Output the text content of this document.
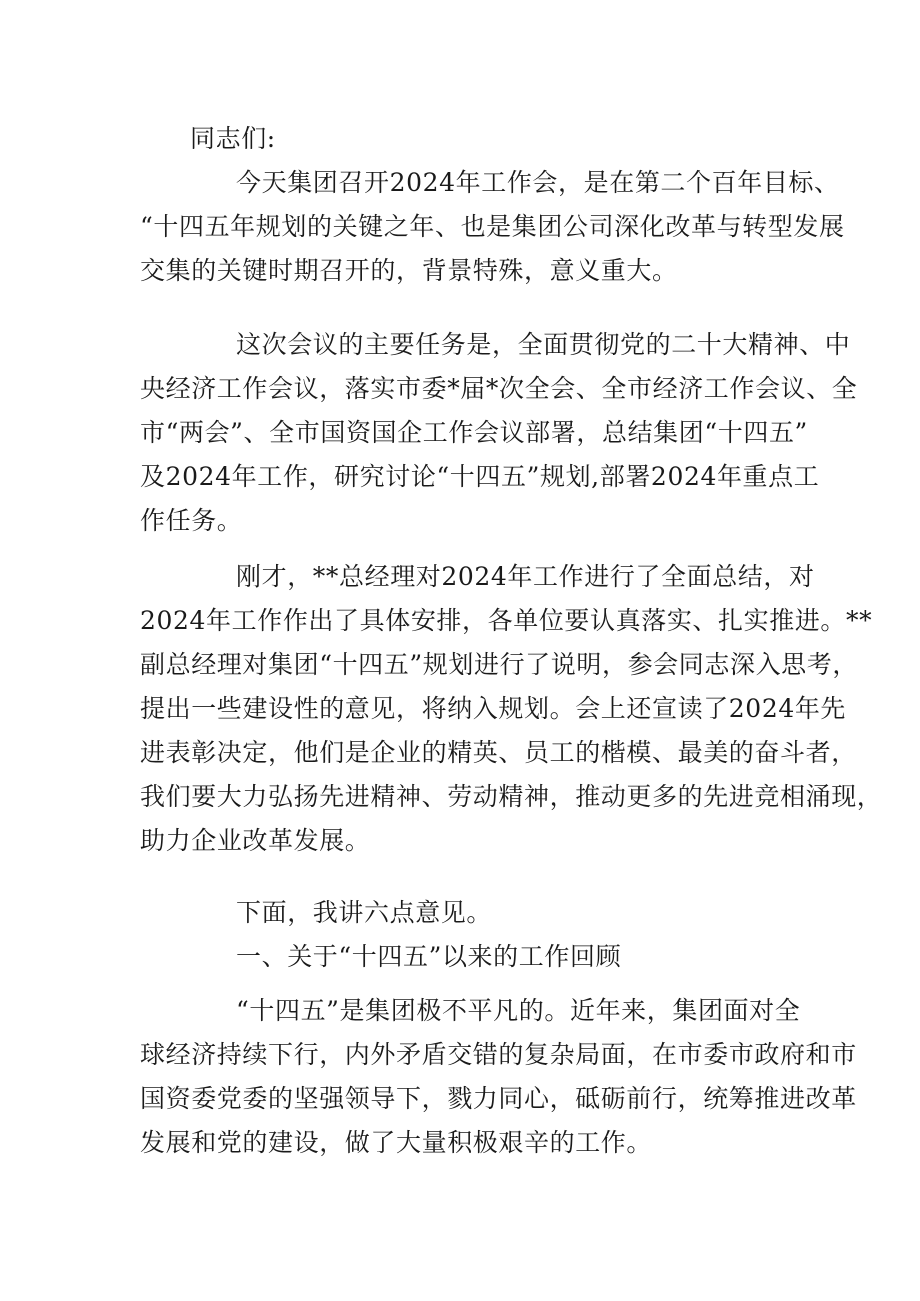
同志们:
今天集团召开2024年工作会，是在第二个百年目标、
“十四五年规划的关键之年、也是集团公司深化改革与转型发展
交集的关键时期召开的，背景特殊，意义重大。
这次会议的主要任务是，全面贯彻党的二十大精神、中
央经济工作会议，落实市委*届*次全会、全市经济工作会议、全
市“两会”、全市国资国企工作会议部署，总结集团“十四五”
及2024年工作，研究讨论“十四五”规划,部署2024年重点工
作任务。
刚才，**总经理对2024年工作进行了全面总结，对
2024年工作作出了具体安排，各单位要认真落实、扎实推进。**
副总经理对集团“十四五”规划进行了说明，参会同志深入思考，
提出一些建设性的意见，将纳入规划。会上还宣读了2024年先
进表彰决定，他们是企业的精英、员工的楷模、最美的奋斗者，
我们要大力弘扬先进精神、劳动精神，推动更多的先进竞相涌现，
助力企业改革发展。
下面，我讲六点意见。
一、关于“十四五”以来的工作回顾
“十四五”是集团极不平凡的。近年来，集团面对全
球经济持续下行，内外矛盾交错的复杂局面，在市委市政府和市
国资委党委的坚强领导下，戮力同心，砥砺前行，统筹推进改革
发展和党的建设，做了大量积极艰辛的工作。
